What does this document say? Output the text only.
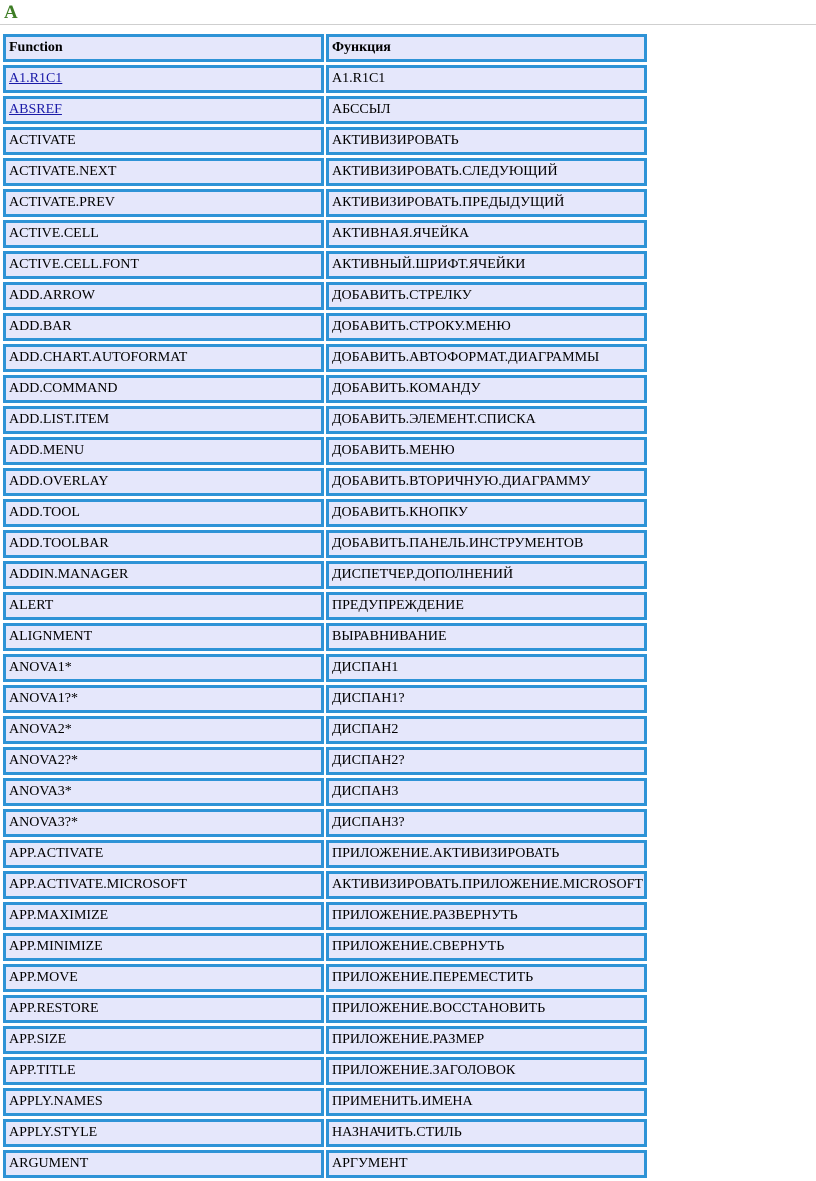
A
Function	Функция
A1.R1C1	A1.R1C1
ABSREF	АБССЫЛ
ACTIVATE	АКТИВИЗИРОВАТЬ
ACTIVATE.NEXT	АКТИВИЗИРОВАТЬ.СЛЕДУЮЩИЙ
ACTIVATE.PREV	АКТИВИЗИРОВАТЬ.ПРЕДЫДУЩИЙ
ACTIVE.CELL	АКТИВНАЯ.ЯЧЕЙКА
ACTIVE.CELL.FONT	АКТИВНЫЙ.ШРИФТ.ЯЧЕЙКИ
ADD.ARROW	ДОБАВИТЬ.СТРЕЛКУ
ADD.BAR	ДОБАВИТЬ.СТРОКУ.МЕНЮ
ADD.CHART.AUTOFORMAT	ДОБАВИТЬ.АВТОФОРМАТ.ДИАГРАММЫ
ADD.COMMAND	ДОБАВИТЬ.КОМАНДУ
ADD.LIST.ITEM	ДОБАВИТЬ.ЭЛЕМЕНТ.СПИСКА
ADD.MENU	ДОБАВИТЬ.МЕНЮ
ADD.OVERLAY	ДОБАВИТЬ.ВТОРИЧНУЮ.ДИАГРАММУ
ADD.TOOL	ДОБАВИТЬ.КНОПКУ
ADD.TOOLBAR	ДОБАВИТЬ.ПАНЕЛЬ.ИНСТРУМЕНТОВ
ADDIN.MANAGER	ДИСПЕТЧЕР.ДОПОЛНЕНИЙ
ALERT	ПРЕДУПРЕЖДЕНИЕ
ALIGNMENT	ВЫРАВНИВАНИЕ
ANOVA1*	ДИСПАН1
ANOVA1?*	ДИСПАН1?
ANOVA2*	ДИСПАН2
ANOVA2?*	ДИСПАН2?
ANOVA3*	ДИСПАН3
ANOVA3?*	ДИСПАН3?
APP.ACTIVATE	ПРИЛОЖЕНИЕ.АКТИВИЗИРОВАТЬ
APP.ACTIVATE.MICROSOFT	АКТИВИЗИРОВАТЬ.ПРИЛОЖЕНИЕ.MICROSOFT
APP.MAXIMIZE	ПРИЛОЖЕНИЕ.РАЗВЕРНУТЬ
APP.MINIMIZE	ПРИЛОЖЕНИЕ.СВЕРНУТЬ
APP.MOVE	ПРИЛОЖЕНИЕ.ПЕРЕМЕСТИТЬ
APP.RESTORE	ПРИЛОЖЕНИЕ.ВОССТАНОВИТЬ
APP.SIZE	ПРИЛОЖЕНИЕ.РАЗМЕР
APP.TITLE	ПРИЛОЖЕНИЕ.ЗАГОЛОВОК
APPLY.NAMES	ПРИМЕНИТЬ.ИМЕНА
APPLY.STYLE	НАЗНАЧИТЬ.СТИЛЬ
ARGUMENT	АРГУМЕНТ
